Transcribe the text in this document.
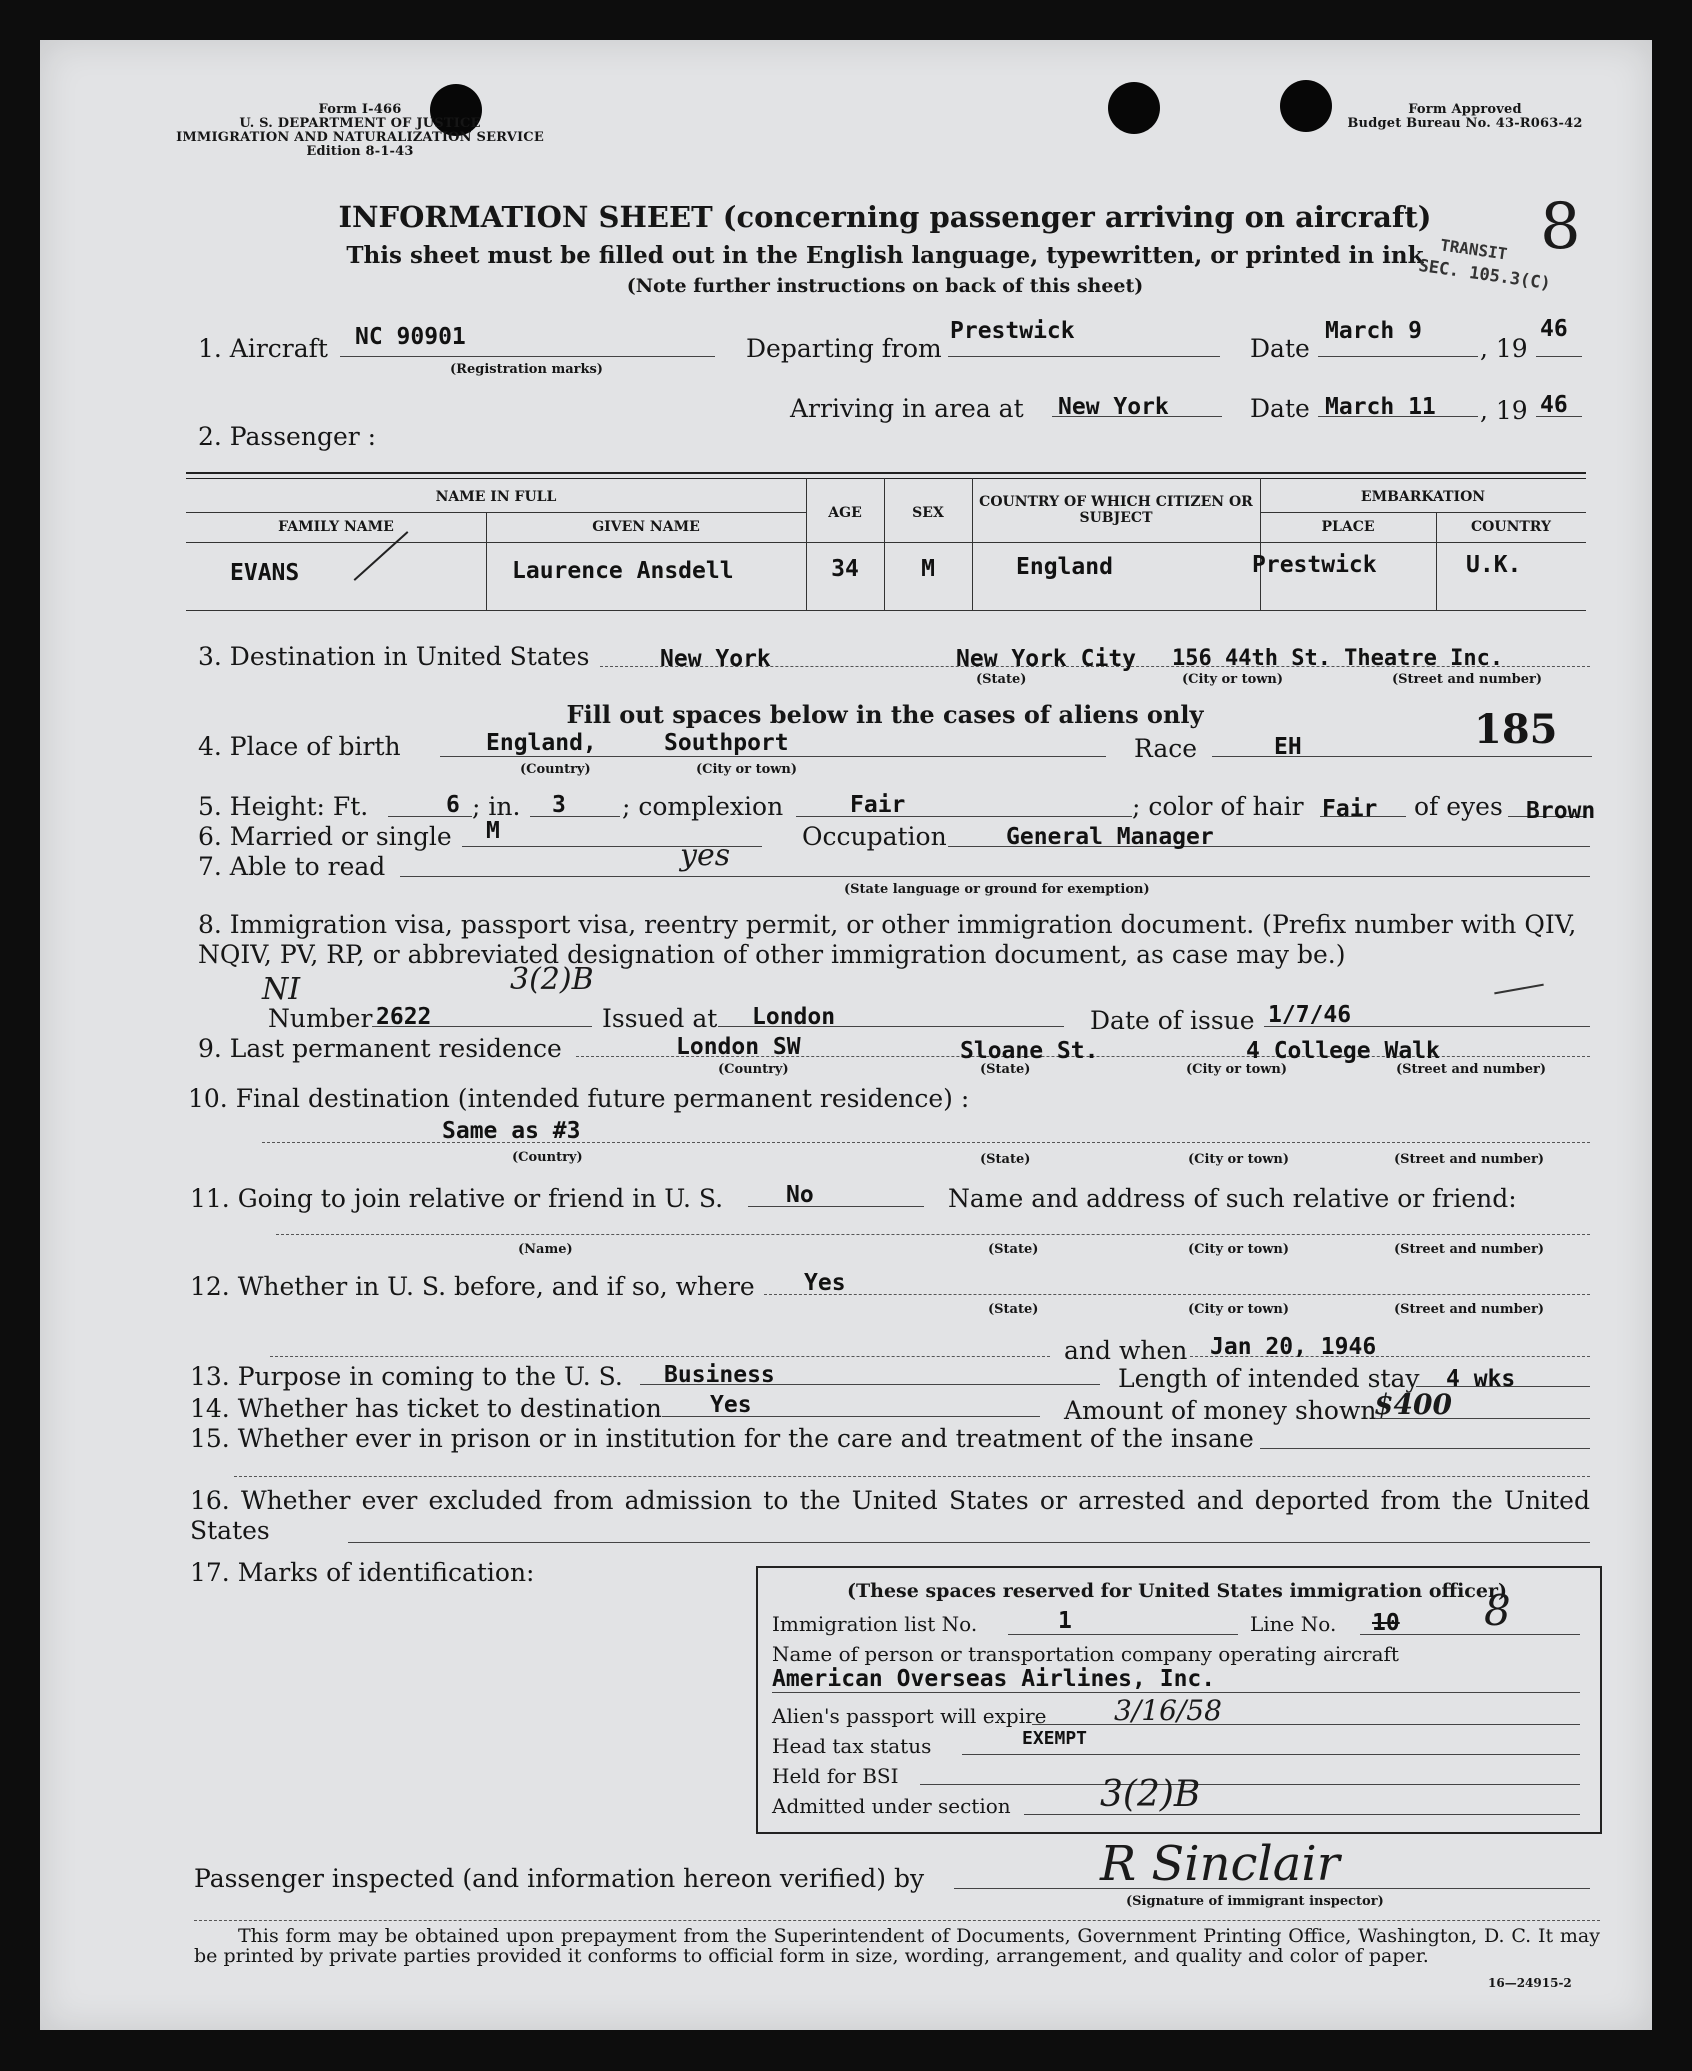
Form I-466
U. S. DEPARTMENT OF JUSTICE
IMMIGRATION AND NATURALIZATION SERVICE
Edition 8-1-43
Form Approved
Budget Bureau No. 43-R063-42
INFORMATION SHEET (concerning passenger arriving on aircraft)
This sheet must be filled out in the English language, typewritten, or printed in ink
(Note further instructions on back of this sheet)
TRANSIT
SEC. 105.3(C)
8
1. Aircraft NC 90901
(Registration marks)
Departing from
Prestwick
Date
March 9
, 19
46
Arriving in area at New York	Date March 11 , 19 46
2. Passenger :
NAME IN FULL
FAMILY NAME	GIVEN NAME
AGE	SEX
COUNTRY OF WHICH CITIZEN OR SUBJECT
EMBARKATION
PLACE	COUNTRY
EVANS	Laurence Ansdell	34	M	England	Prestwick	U.K.
3. Destination in United States	New York	New York City 156 44th St. Theatre Inc.
(State)	(City or town)	(Street and number)
Fill out spaces below in the cases of aliens only
4. Place of birth	England,	Southport
(Country)	(City or town)
Race	EH	185
5. Height: Ft.	6 ; in. 3 ; complexion	Fair	; color of hair Fair of eyes Brown
6. Married or single M	Occupation	General Manager
7. Able to read	yes
(State language or ground for exemption)
8. Immigration visa, passport visa, reentry permit, or other immigration document. (Prefix number with QIV, NQIV, PV, RP, or abbreviated designation of other immigration document, as case may be.)
NI	3(2)B
Number 2622	Issued at London	Date of issue 1/7/46
9. Last permanent residence	London SW	Sloane St.	4 College Walk
(Country)	(State)	(City or town)	(Street and number)
10. Final destination (intended future permanent residence) :
Same as #3
(Country)	(State)	(City or town)	(Street and number)
11. Going to join relative or friend in U. S.	No	Name and address of such relative or friend:
(Name)	(State)	(City or town)	(Street and number)
12. Whether in U. S. before, and if so, where Yes
(State)	(City or town)	(Street and number)
and when Jan 20, 1946
13. Purpose in coming to the U. S. Business	Length of intended stay 4 wks
14. Whether has ticket to destination Yes	Amount of money shown
$400
15. Whether ever in prison or in institution for the care and treatment of the insane
16. Whether ever excluded from admission to the United States or arrested and deported from the United States
17. Marks of identification:
(These spaces reserved for United States immigration officer)
Immigration list No.	1	Line No. 10 8
Name of person or transportation company operating aircraft
American Overseas Airlines, Inc.
Alien's passport will expire 3/16/58
Head tax status	EXEMPT
Held for BSI
Admitted under section 3(2)B
Passenger inspected (and information hereon verified) by	R Sinclair
(Signature of immigrant inspector)
This form may be obtained upon prepayment from the Superintendent of Documents, Government Printing Office, Washington, D. C. It may be printed by private parties provided it conforms to official form in size, wording, arrangement, and quality and color of paper.
16—24915-2
